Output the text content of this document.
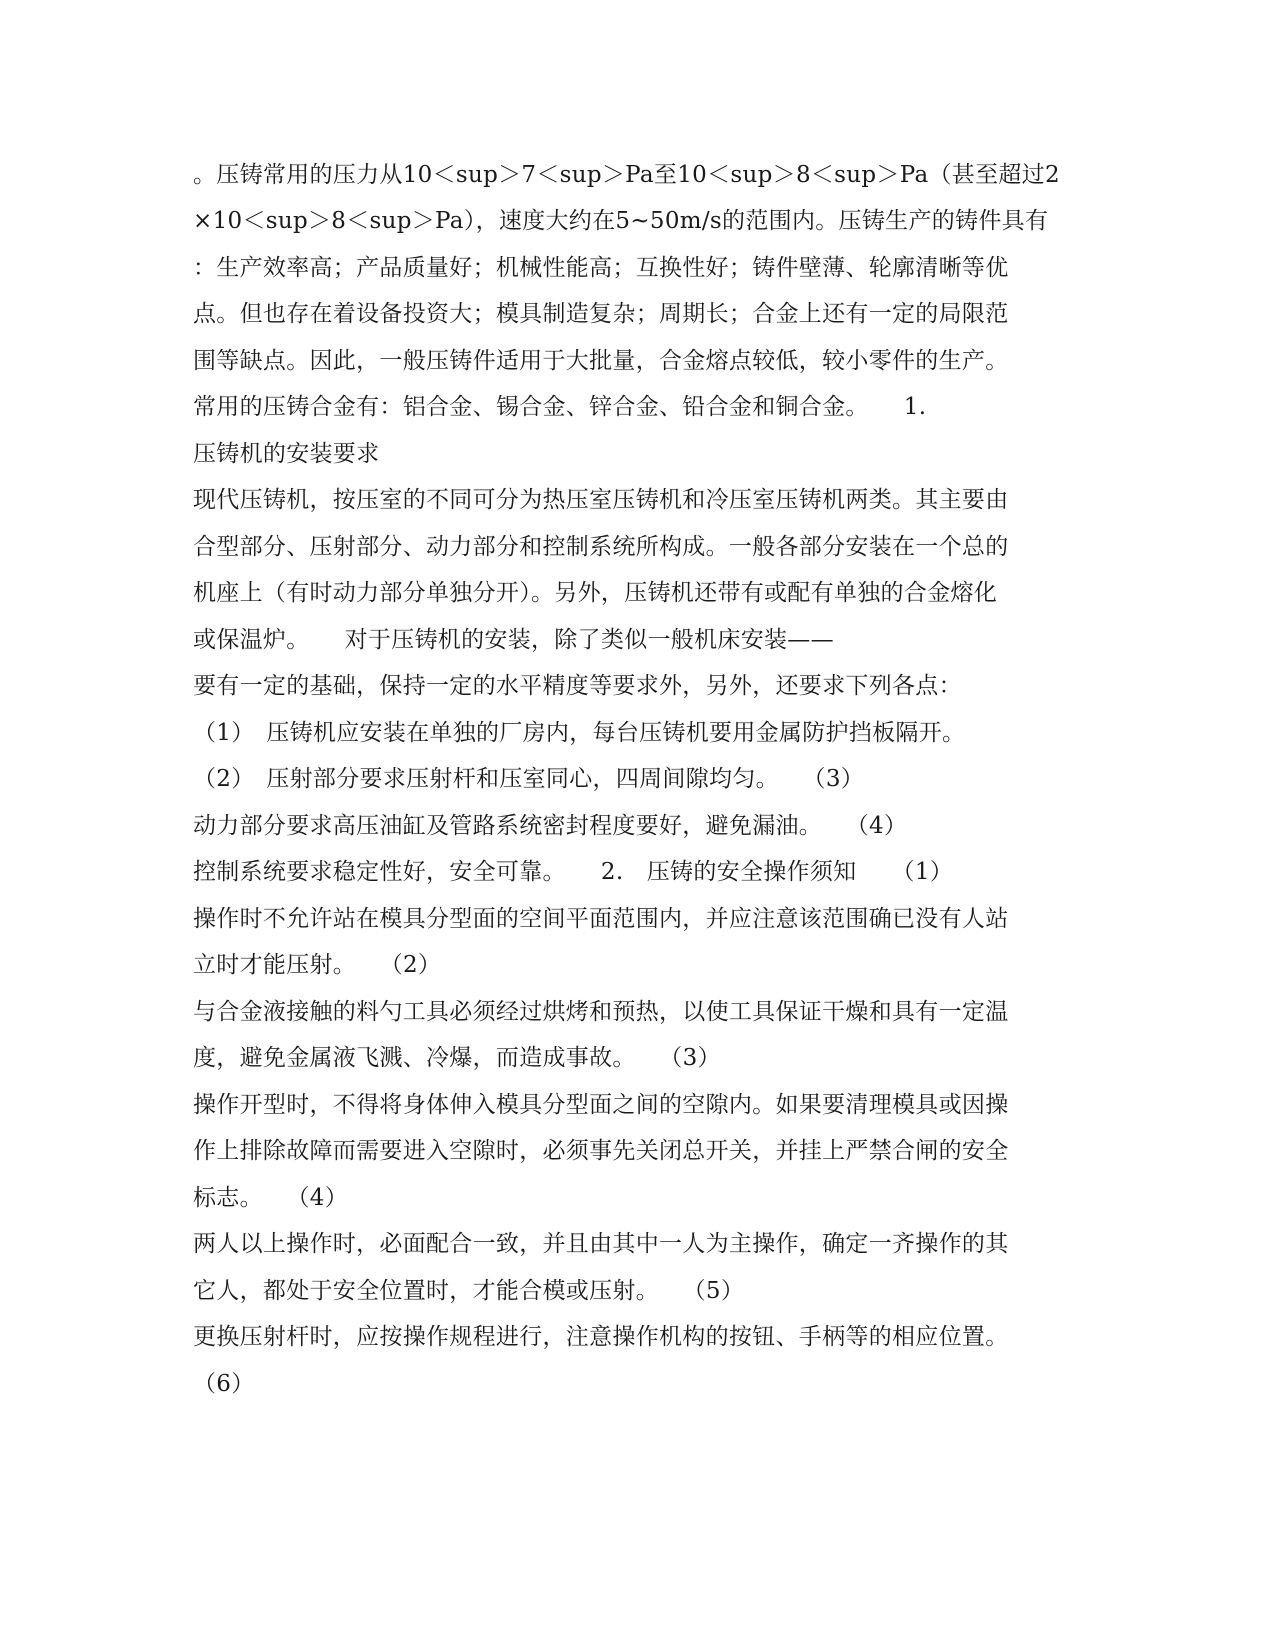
。压铸常用的压力从10＜sup＞7＜sup＞Pa至10＜sup＞8＜sup＞Pa（甚至超过2
×10＜sup＞8＜sup＞Pa），速度大约在5~50m/s的范围内。压铸生产的铸件具有
：生产效率高；产品质量好；机械性能高；互换性好；铸件壁薄、轮廓清晰等优
点。但也存在着设备投资大；模具制造复杂；周期长；合金上还有一定的局限范
围等缺点。因此，一般压铸件适用于大批量，合金熔点较低，较小零件的生产。
常用的压铸合金有：铝合金、锡合金、锌合金、铅合金和铜合金。　　1.
压铸机的安装要求
现代压铸机，按压室的不同可分为热压室压铸机和冷压室压铸机两类。其主要由
合型部分、压射部分、动力部分和控制系统所构成。一般各部分安装在一个总的
机座上（有时动力部分单独分开）。另外，压铸机还带有或配有单独的合金熔化
或保温炉。　　对于压铸机的安装，除了类似一般机床安装——
要有一定的基础，保持一定的水平精度等要求外，另外，还要求下列各点：
（1）　压铸机应安装在单独的厂房内，每台压铸机要用金属防护挡板隔开。
（2）　压射部分要求压射杆和压室同心，四周间隙均匀。　　（3）
动力部分要求高压油缸及管路系统密封程度要好，避免漏油。　　（4）
控制系统要求稳定性好，安全可靠。　　2.　压铸的安全操作须知　　（1）
操作时不允许站在模具分型面的空间平面范围内，并应注意该范围确已没有人站
立时才能压射。　　（2）
与合金液接触的料勺工具必须经过烘烤和预热，以使工具保证干燥和具有一定温
度，避免金属液飞溅、冷爆，而造成事故。　　（3）
操作开型时，不得将身体伸入模具分型面之间的空隙内。如果要清理模具或因操
作上排除故障而需要进入空隙时，必须事先关闭总开关，并挂上严禁合闸的安全
标志。　　（4）
两人以上操作时，必面配合一致，并且由其中一人为主操作，确定一齐操作的其
它人，都处于安全位置时，才能合模或压射。　　（5）
更换压射杆时，应按操作规程进行，注意操作机构的按钮、手柄等的相应位置。
（6）
